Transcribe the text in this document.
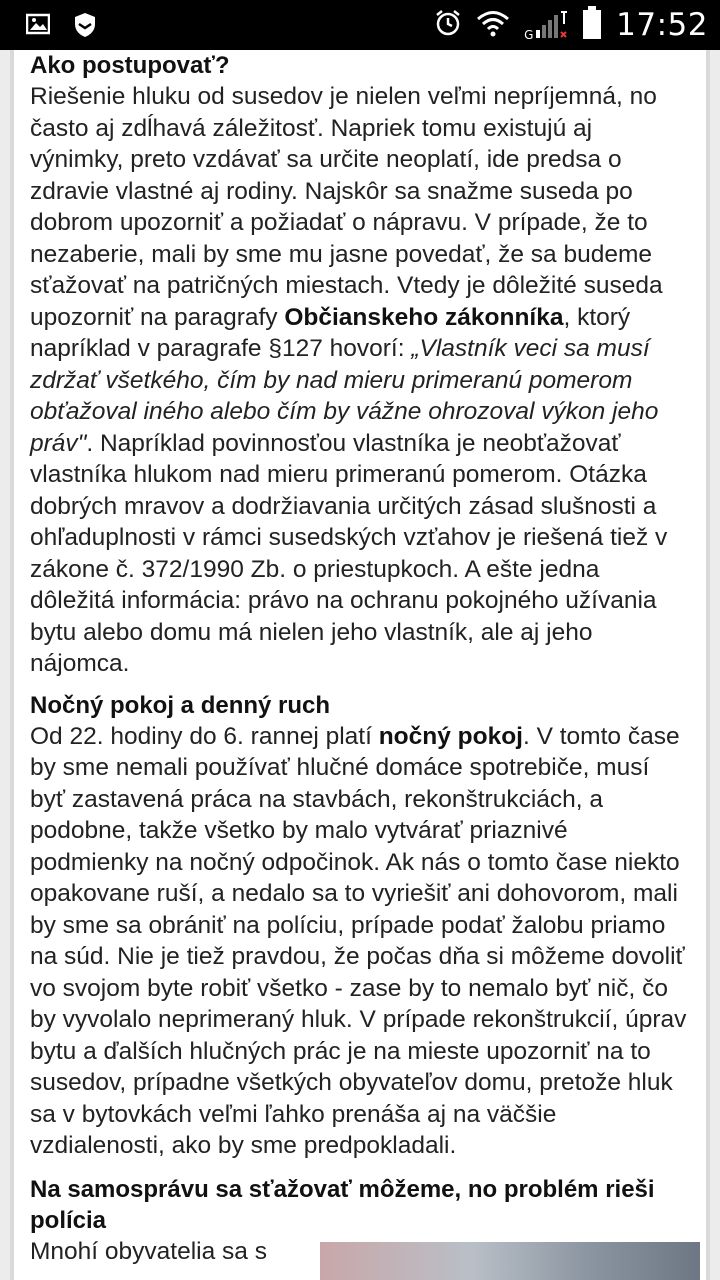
G	17:52
Ako postupovať?

Riešenie hluku od susedov je nielen veľmi nepríjemná, no často aj zdĺhavá záležitosť. Napriek tomu existujú aj výnimky, preto vzdávať sa určite neoplatí, ide predsa o zdravie vlastné aj rodiny. Najskôr sa snažme suseda po dobrom upozorniť a požiadať o nápravu. V prípade, že to nezaberie, mali by sme mu jasne povedať, že sa budeme sťažovať na patričných miestach. Vtedy je dôležité suseda upozorniť na paragrafy Občianskeho zákonníka, ktorý napríklad v paragrafe §127 hovorí: „Vlastník veci sa musí zdržať všetkého, čím by nad mieru primeranú pomerom obťažoval iného alebo čím by vážne ohrozoval výkon jeho práv". Napríklad povinnosťou vlastníka je neobťažovať vlastníka hlukom nad mieru primeranú pomerom. Otázka dobrých mravov a dodržiavania určitých zásad slušnosti a ohľaduplnosti v rámci susedských vzťahov je riešená tiež v zákone č. 372/1990 Zb. o priestupkoch. A ešte jedna dôležitá informácia: právo na ochranu pokojného užívania bytu alebo domu má nielen jeho vlastník, ale aj jeho nájomca.

Nočný pokoj a denný ruch

Od 22. hodiny do 6. rannej platí nočný pokoj. V tomto čase by sme nemali používať hlučné domáce spotrebiče, musí byť zastavená práca na stavbách, rekonštrukciách, a podobne, takže všetko by malo vytvárať priaznivé podmienky na nočný odpočinok. Ak nás o tomto čase niekto opakovane ruší, a nedalo sa to vyriešiť ani dohovorom, mali by sme sa obrániť na políciu, prípade podať žalobu priamo na súd. Nie je tiež pravdou, že počas dňa si môžeme dovoliť vo svojom byte robiť všetko - zase by to nemalo byť nič, čo by vyvolalo neprimeraný hluk. V prípade rekonštrukcií, úprav bytu a ďalších hlučných prác je na mieste upozorniť na to susedov, prípadne všetkých obyvateľov domu, pretože hluk sa v bytovkách veľmi ľahko prenáša aj na väčšie vzdialenosti, ako by sme predpokladali.

Na samosprávu sa sťažovať môžeme, no problém rieši polícia
Mnohí obyvatelia sa s
